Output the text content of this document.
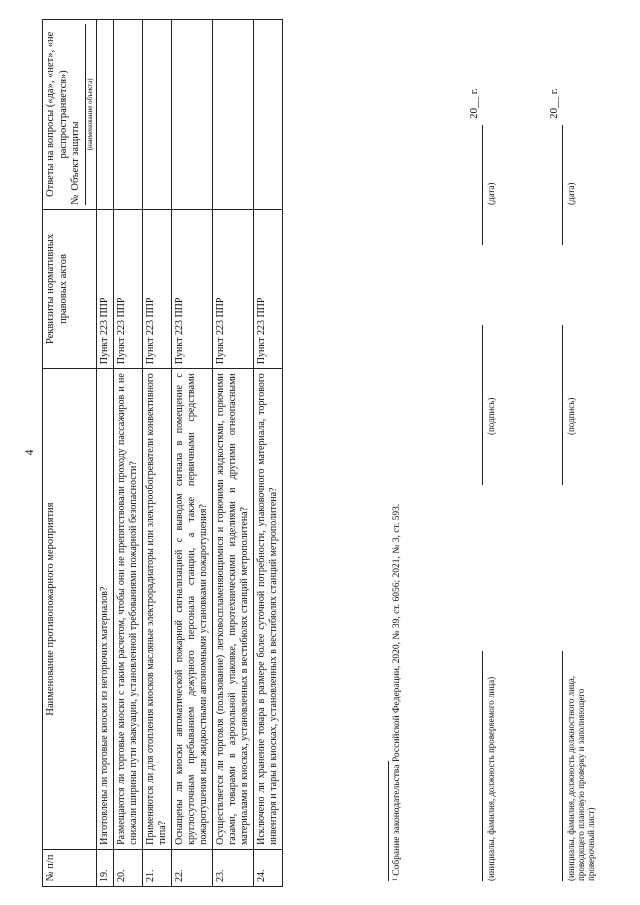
4
№ п/п	Наименование противопожарного мероприятия	Реквизиты нормативных правовых актов	Ответы на вопросы («да», «нет», «не распространяется»)
№
Объект защиты
(наименование объекта)

19.	Изготовлены ли торговые киоски из негорючих материалов?	Пункт 223 ППР	
20.	Размещаются ли торговые киоски с таким расчетом, чтобы они не препятствовали проходу пассажиров и не снижали ширины пути эвакуации, установленной требованиями пожарной безопасности?	Пункт 223 ППР	
21.	Применяются ли для отопления киосков масляные электрорадиаторы или электрообогреватели конвективного типа?	Пункт 223 ППР	
22.	Оснащены ли киоски автоматической пожарной сигнализацией с выводом сигнала в помещение с круглосуточным пребыванием дежурного персонала станции, а также первичными средствами пожаротушения или жидкостными автономными установками пожаротушения?	Пункт 223 ППР	
23.	Осуществляется ли торговля (пользование) легковоспламеняющимися и горючими жидкостями, горючими газами, товарами в аэрозольной упаковке, пиротехническими изделиями и другими огнеопасными материалами в киосках, установленных в вестибюлях станций метрополитена?	Пункт 223 ППР	
24.	Исключено ли хранение товара в размере более суточной потребности, упаковочного материала, торгового инвентаря и тары в киосках, установленных в вестибюлях станций метрополитена?	Пункт 223 ППР	
¹ Собрание законодательства Российской Федерации, 2020, № 39, ст. 6056; 2021, № 3, ст. 593.	(инициалы, фамилия, должность проверяемого лица)
(подпись)
(дата)
20__ г.
(инициалы, фамилия, должность должностного лица, проводящего плановую проверку и заполняющего проверочный лист)
(подпись)
(дата)
20__ г.
